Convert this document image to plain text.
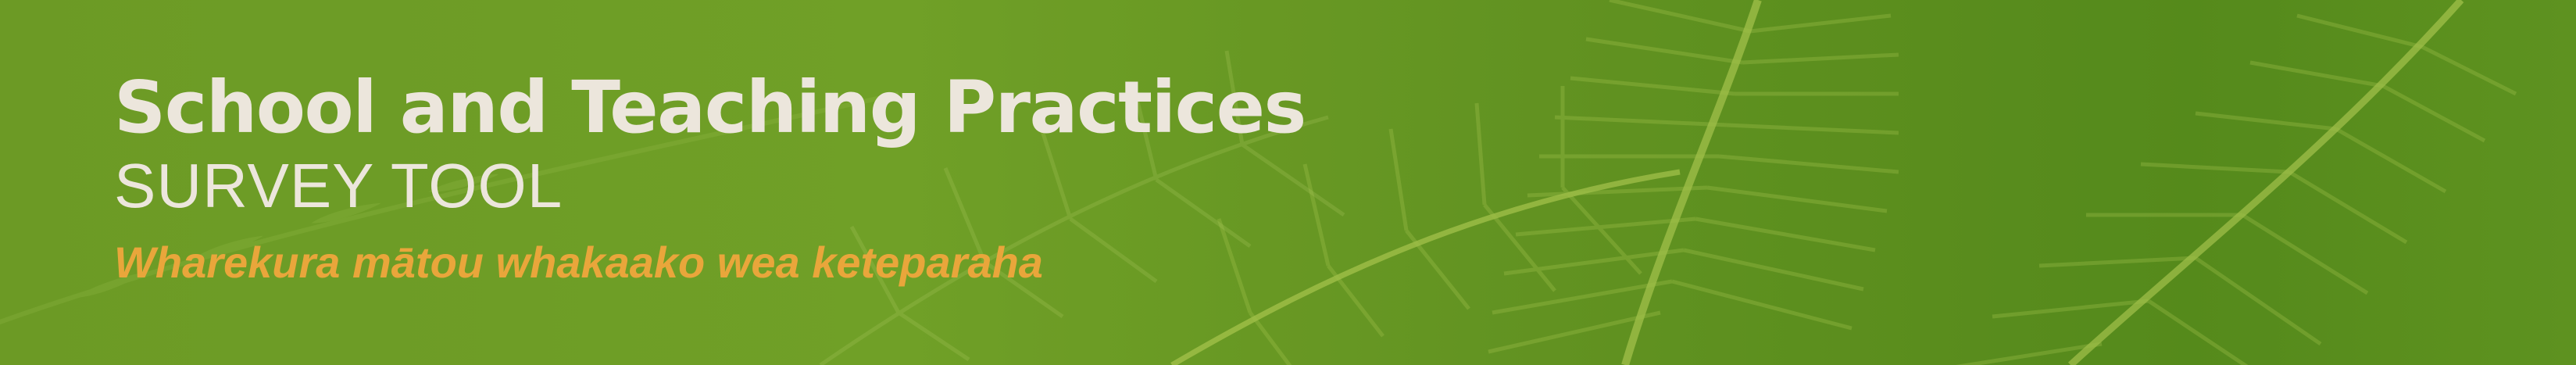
School and Teaching Practices
SURVEY TOOL
Wharekura mātou whakaako wea keteparaha
